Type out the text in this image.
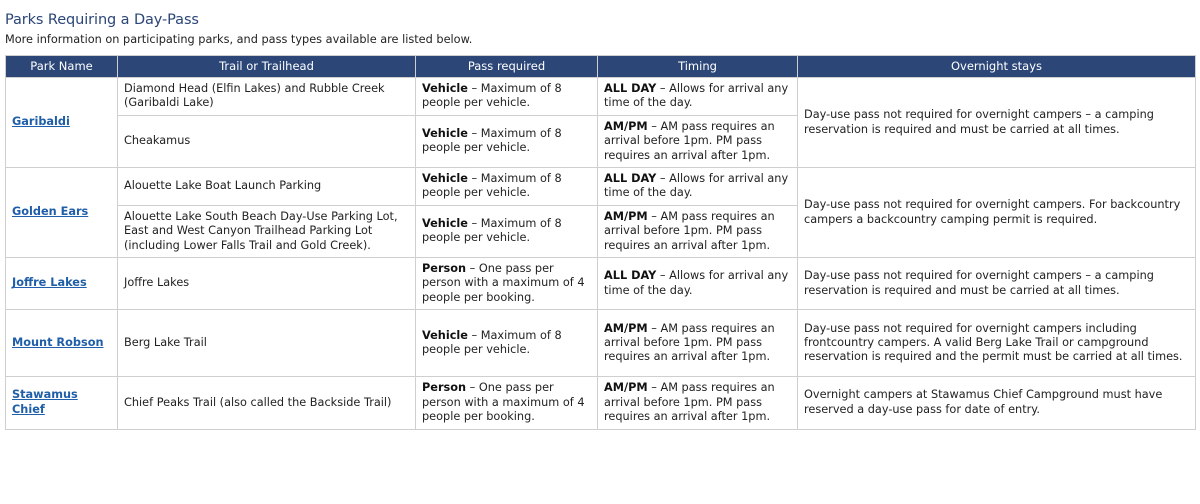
Parks Requiring a Day-Pass

More information on participating parks, and pass types available are listed below.

Park Name	Trail or Trailhead	Pass required	Timing	Overnight stays
Garibaldi	Diamond Head (Elfin Lakes) and Rubble Creek (Garibaldi Lake)	Vehicle – Maximum of 8 people per vehicle.	ALL DAY – Allows for arrival any time of the day.	Day-use pass not required for overnight campers – a camping reservation is required and must be carried at all times.
	Cheakamus	Vehicle – Maximum of 8 people per vehicle.	AM/PM – AM pass requires an arrival before 1pm. PM pass requires an arrival after 1pm.	
Golden Ears	Alouette Lake Boat Launch Parking	Vehicle – Maximum of 8 people per vehicle.	ALL DAY – Allows for arrival any time of the day.	Day-use pass not required for overnight campers. For backcountry campers a backcountry camping permit is required.
	Alouette Lake South Beach Day-Use Parking Lot, East and West Canyon Trailhead Parking Lot (including Lower Falls Trail and Gold Creek).	Vehicle – Maximum of 8 people per vehicle.	AM/PM – AM pass requires an arrival before 1pm. PM pass requires an arrival after 1pm.	
Joffre Lakes	Joffre Lakes	Person – One pass per person with a maximum of 4 people per booking.	ALL DAY – Allows for arrival any time of the day.	Day-use pass not required for overnight campers – a camping reservation is required and must be carried at all times.
Mount Robson	Berg Lake Trail	Vehicle – Maximum of 8 people per vehicle.	AM/PM – AM pass requires an arrival before 1pm. PM pass requires an arrival after 1pm.	Day-use pass not required for overnight campers including frontcountry campers. A valid Berg Lake Trail or campground reservation is required and the permit must be carried at all times.
Stawamus Chief	Chief Peaks Trail (also called the Backside Trail)	Person – One pass per person with a maximum of 4 people per booking.	AM/PM – AM pass requires an arrival before 1pm. PM pass requires an arrival after 1pm.	Overnight campers at Stawamus Chief Campground must have reserved a day-use pass for date of entry.
